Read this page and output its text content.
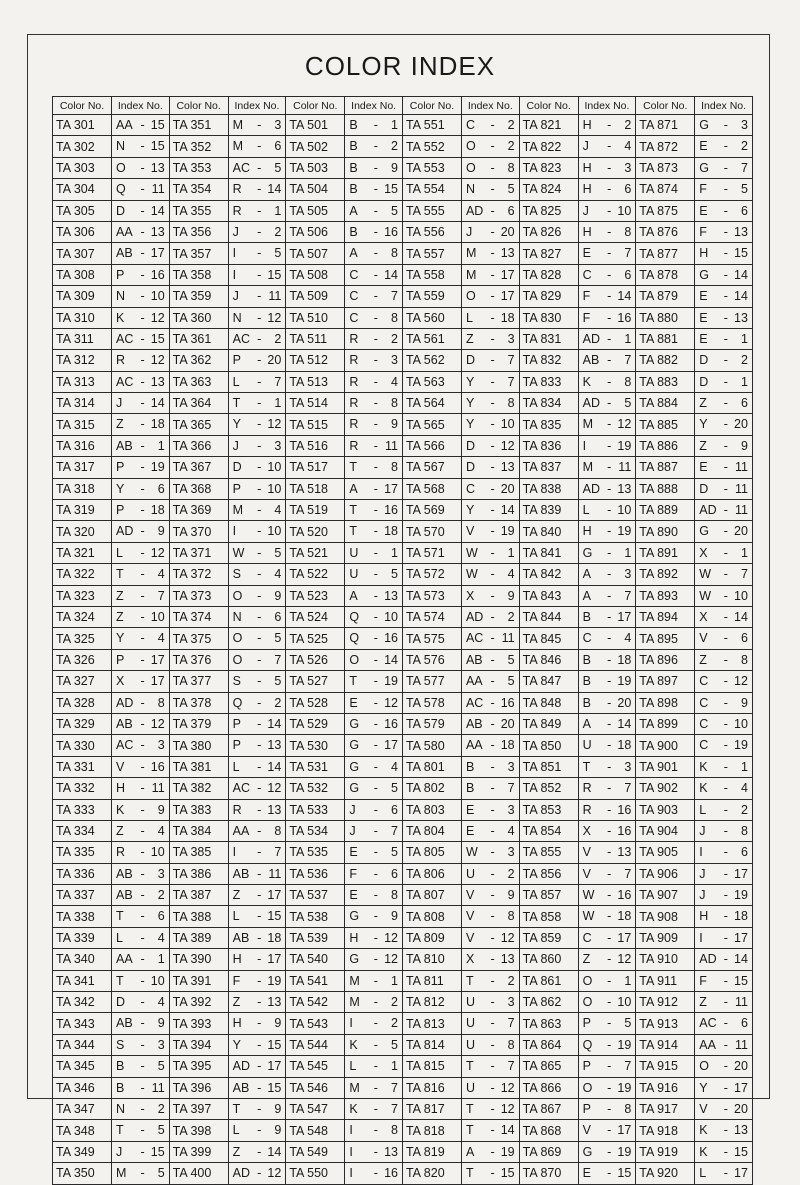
COLOR INDEX
Color No.	Index No.	Color No.	Index No.	Color No.	Index No.	Color No.	Index No.	Color No.	Index No.	Color No.	Index No.
TA 301	AA - 15	TA 351	M - 3	TA 501	B - 1	TA 551	C - 2	TA 821	H - 2	TA 871	G - 3

TA 302	N - 15	TA 352	M - 6	TA 502	B - 2	TA 552	O - 2	TA 822	J - 4	TA 872	E - 2

TA 303	O - 13	TA 353	AC - 5	TA 503	B - 9	TA 553	O - 8	TA 823	H - 3	TA 873	G - 7

TA 304	Q - 11	TA 354	R - 14	TA 504	B - 15	TA 554	N - 5	TA 824	H - 6	TA 874	F - 5

TA 305	D - 14	TA 355	R - 1	TA 505	A - 5	TA 555	AD - 6	TA 825	J - 10	TA 875	E - 6

TA 306	AA - 13	TA 356	J - 2	TA 506	B - 16	TA 556	J - 20	TA 826	H - 8	TA 876	F - 13

TA 307	AB - 17	TA 357	I - 5	TA 507	A - 8	TA 557	M - 13	TA 827	E - 7	TA 877	H - 15

TA 308	P - 16	TA 358	I - 15	TA 508	C - 14	TA 558	M - 17	TA 828	C - 6	TA 878	G - 14

TA 309	N - 10	TA 359	J - 11	TA 509	C - 7	TA 559	O - 17	TA 829	F - 14	TA 879	E - 14

TA 310	K - 12	TA 360	N - 12	TA 510	C - 8	TA 560	L - 18	TA 830	F - 16	TA 880	E - 13

TA 311	AC - 15	TA 361	AC - 2	TA 511	R - 2	TA 561	Z - 3	TA 831	AD - 1	TA 881	E - 1

TA 312	R - 12	TA 362	P - 20	TA 512	R - 3	TA 562	D - 7	TA 832	AB - 7	TA 882	D - 2

TA 313	AC - 13	TA 363	L - 7	TA 513	R - 4	TA 563	Y - 7	TA 833	K - 8	TA 883	D - 1

TA 314	J - 14	TA 364	T - 1	TA 514	R - 8	TA 564	Y - 8	TA 834	AD - 5	TA 884	Z - 6

TA 315	Z - 18	TA 365	Y - 12	TA 515	R - 9	TA 565	Y - 10	TA 835	M - 12	TA 885	Y - 20

TA 316	AB - 1	TA 366	J - 3	TA 516	R - 11	TA 566	D - 12	TA 836	I - 19	TA 886	Z - 9

TA 317	P - 19	TA 367	D - 10	TA 517	T - 8	TA 567	D - 13	TA 837	M - 11	TA 887	E - 11

TA 318	Y - 6	TA 368	P - 10	TA 518	A - 17	TA 568	C - 20	TA 838	AD - 13	TA 888	D - 11

TA 319	P - 18	TA 369	M - 4	TA 519	T - 16	TA 569	Y - 14	TA 839	L - 10	TA 889	AD - 11

TA 320	AD - 9	TA 370	I - 10	TA 520	T - 18	TA 570	V - 19	TA 840	H - 19	TA 890	G - 20

TA 321	L - 12	TA 371	W - 5	TA 521	U - 1	TA 571	W - 1	TA 841	G - 1	TA 891	X - 1

TA 322	T - 4	TA 372	S - 4	TA 522	U - 5	TA 572	W - 4	TA 842	A - 3	TA 892	W - 7

TA 323	Z - 7	TA 373	O - 9	TA 523	A - 13	TA 573	X - 9	TA 843	A - 7	TA 893	W - 10

TA 324	Z - 10	TA 374	N - 6	TA 524	Q - 10	TA 574	AD - 2	TA 844	B - 17	TA 894	X - 14

TA 325	Y - 4	TA 375	O - 5	TA 525	Q - 16	TA 575	AC - 11	TA 845	C - 4	TA 895	V - 6

TA 326	P - 17	TA 376	O - 7	TA 526	O - 14	TA 576	AB - 5	TA 846	B - 18	TA 896	Z - 8

TA 327	X - 17	TA 377	S - 5	TA 527	T - 19	TA 577	AA - 5	TA 847	B - 19	TA 897	C - 12

TA 328	AD - 8	TA 378	Q - 2	TA 528	E - 12	TA 578	AC - 16	TA 848	B - 20	TA 898	C - 9

TA 329	AB - 12	TA 379	P - 14	TA 529	G - 16	TA 579	AB - 20	TA 849	A - 14	TA 899	C - 10

TA 330	AC - 3	TA 380	P - 13	TA 530	G - 17	TA 580	AA - 18	TA 850	U - 18	TA 900	C - 19

TA 331	V - 16	TA 381	L - 14	TA 531	G - 4	TA 801	B - 3	TA 851	T - 3	TA 901	K - 1

TA 332	H - 11	TA 382	AC - 12	TA 532	G - 5	TA 802	B - 7	TA 852	R - 7	TA 902	K - 4

TA 333	K - 9	TA 383	R - 13	TA 533	J - 6	TA 803	E - 3	TA 853	R - 16	TA 903	L - 2

TA 334	Z - 4	TA 384	AA - 8	TA 534	J - 7	TA 804	E - 4	TA 854	X - 16	TA 904	J - 8

TA 335	R - 10	TA 385	I - 7	TA 535	E - 5	TA 805	W - 3	TA 855	V - 13	TA 905	I - 6

TA 336	AB - 3	TA 386	AB - 11	TA 536	F - 6	TA 806	U - 2	TA 856	V - 7	TA 906	J - 17

TA 337	AB - 2	TA 387	Z - 17	TA 537	E - 8	TA 807	V - 9	TA 857	W - 16	TA 907	J - 19

TA 338	T - 6	TA 388	L - 15	TA 538	G - 9	TA 808	V - 8	TA 858	W - 18	TA 908	H - 18

TA 339	L - 4	TA 389	AB - 18	TA 539	H - 12	TA 809	V - 12	TA 859	C - 17	TA 909	I - 17

TA 340	AA - 1	TA 390	H - 17	TA 540	G - 12	TA 810	X - 13	TA 860	Z - 12	TA 910	AD - 14

TA 341	T - 10	TA 391	F - 19	TA 541	M - 1	TA 811	T - 2	TA 861	O - 1	TA 911	F - 15

TA 342	D - 4	TA 392	Z - 13	TA 542	M - 2	TA 812	U - 3	TA 862	O - 10	TA 912	Z - 11

TA 343	AB - 9	TA 393	H - 9	TA 543	I - 2	TA 813	U - 7	TA 863	P - 5	TA 913	AC - 6

TA 344	S - 3	TA 394	Y - 15	TA 544	K - 5	TA 814	U - 8	TA 864	Q - 19	TA 914	AA - 11

TA 345	B - 5	TA 395	AD - 17	TA 545	L - 1	TA 815	T - 7	TA 865	P - 7	TA 915	O - 20

TA 346	B - 11	TA 396	AB - 15	TA 546	M - 7	TA 816	U - 12	TA 866	O - 19	TA 916	Y - 17

TA 347	N - 2	TA 397	T - 9	TA 547	K - 7	TA 817	T - 12	TA 867	P - 8	TA 917	V - 20

TA 348	T - 5	TA 398	L - 9	TA 548	I - 8	TA 818	T - 14	TA 868	V - 17	TA 918	K - 13

TA 349	J - 15	TA 399	Z - 14	TA 549	I - 13	TA 819	A - 19	TA 869	G - 19	TA 919	K - 15

TA 350	M - 5	TA 400	AD - 12	TA 550	I - 16	TA 820	T - 15	TA 870	E - 15	TA 920	L - 17
